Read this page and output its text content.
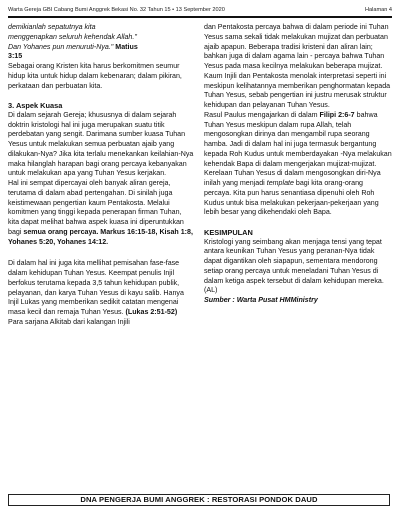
Warta Gereja GBI Cabang Bumi Anggrek Bekasi No. 32 Tahun 15 • 13 September 2020	Halaman 4
demikianlah sepatutnya kita
menggenapkan seluruh kehendak Allah."
Dan Yohanes pun menuruti-Nya." Matius
3:15

Sebagai orang Kristen kita harus berkomitmen seumur hidup kita untuk hidup dalam kebenaran; dalam pikiran, perkataan dan perbuatan kita.

3. Aspek Kuasa

Di dalam sejarah Gereja; khususnya di dalam sejarah doktrin kristologi hal ini juga merupakan suatu titik perdebatan yang sengit. Darimana sumber kuasa Tuhan Yesus untuk melakukan semua perbuatan ajaib yang dilakukan-Nya? Jika kita terlalu menekankan keilahian-Nya maka hilanglah harapan bagi orang percaya kebanyakan untuk melakukan apa yang Tuhan Yesus kerjakan.

Hal ini sempat dipercayai oleh banyak aliran gereja, terutama di dalam abad pertengahan. Di sinilah juga keistimewaan pengertian kaum Pentakosta. Melalui komitmen yang tinggi kepada penerapan firman Tuhan, kita dapat melihat bahwa aspek kuasa ini diperuntukkan bagi semua orang percaya. Markus 16:15-18, Kisah 1:8, Yohanes 5:20, Yohanes 14:12.

Di dalam hal ini juga kita mellihat pemisahan fase-fase dalam kehidupan Tuhan Yesus. Keempat penulis Injil berfokus terutama kepada 3,5 tahun kehidupan publik, pelayanan, dan karya Tuhan Yesus di kayu salib. Hanya Injil Lukas yang memberikan sedikit catatan mengenai masa kecil dan remaja Tuhan Yesus. (Lukas 2:51-52)

Para sarjana Alkitab dari kalangan Injili

dan Pentakosta percaya bahwa di dalam periode ini Tuhan Yesus sama sekali tidak melakukan mujizat dan perbuatan ajaib apapun. Beberapa tradisi kristeni dan aliran lain; bahkan juga di dalam agama lain - percaya bahwa Tuhan Yesus pada masa kecilnya melakukan beberapa mujizat. Kaum Injili dan Pentakosta menolak interpretasi seperti ini meskipun kelihatannya memberikan penghormatan kepada Tuhan Yesus, sebab pengertian ini justru merusak struktur kehidupan dan pelayanan Tuhan Yesus.

Rasul Paulus mengajarkan di dalam Filipi 2:6-7 bahwa Tuhan Yesus meskipun dalam rupa Allah, telah mengosongkan dirinya dan mengambil rupa seorang hamba. Jadi di dalam hal ini juga termasuk bergantung kepada Roh Kudus untuk memberdayakan -Nya melakukan kehendak Bapa di dalam mengerjakan mujizat-mujizat.

Kerelaan Tuhan Yesus di dalam mengosongkan diri-Nya inilah yang menjadi template bagi kita orang-orang percaya. Kita pun harus senantiasa dipenuhi oleh Roh Kudus untuk bisa melakukan pekerjaan-pekerjaan yang lebih besar yang dikehendaki oleh Bapa.

KESIMPULAN

Kristologi yang seimbang akan menjaga tensi yang tepat antara keunikan Tuhan Yesus yang peranan-Nya tidak dapat digantikan oleh siapapun, sementara mendorong setiap orang percaya untuk meneladani Tuhan Yesus di dalam ketiga aspek tersebut di dalam kehidupan mereka. (AL)

Sumber : Warta Pusat HMMinistry
DNA PENGERJA BUMI ANGGREK : RESTORASI PONDOK DAUD
